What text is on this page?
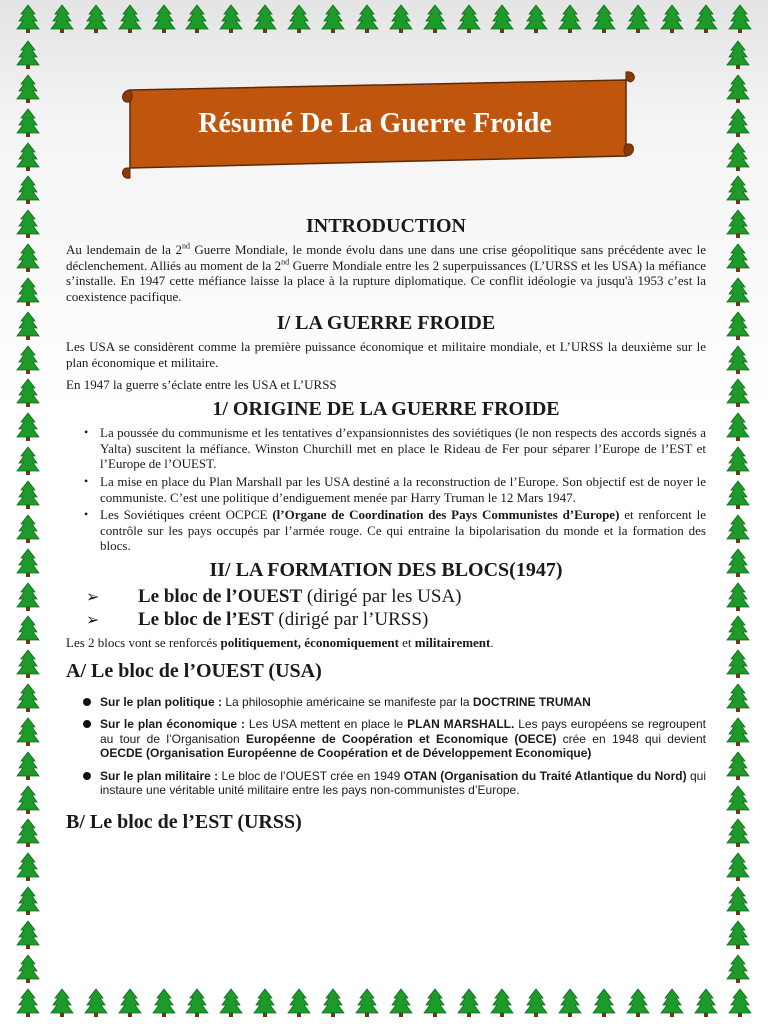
Résumé De La Guerre Froide
INTRODUCTION

Au lendemain de la 2nd Guerre Mondiale, le monde évolu dans une dans une crise géopolitique sans précédente avec le déclenchement. Alliés au moment de la 2nd Guerre Mondiale entre les 2 superpuissances (L’URSS et les USA) la méfiance s’installe. En 1947 cette méfiance laisse la place à la rupture diplomatique. Ce conflit idéologie va jusqu'à 1953 c’est la coexistence pacifique.

I/ LA GUERRE FROIDE

Les USA se considèrent comme la première puissance économique et militaire mondiale, et L’URSS la deuxième sur le plan économique et militaire.

En 1947 la guerre s’éclate entre les USA et L’URSS

1/ ORIGINE DE LA GUERRE FROIDE
• La poussée du communisme et les tentatives d’expansionnistes des soviétiques (le non respects des accords signés a Yalta) suscitent la méfiance. Winston Churchill met en place le Rideau de Fer pour séparer l’Europe de l’EST et l’Europe de l’OUEST.
• La mise en place du Plan Marshall par les USA destiné a la reconstruction de l’Europe. Son objectif est de noyer le communiste. C’est une politique d’endiguement menée par Harry Truman le 12 Mars 1947.
• Les Soviétiques créent OCPCE (l’Organe de Coordination des Pays Communistes d’Europe) et renforcent le contrôle sur les pays occupés par l’armée rouge. Ce qui entraine la bipolarisation du monde et la formation des blocs.
II/ LA FORMATION DES BLOCS(1947)
➢ Le bloc de l’OUEST (dirigé par les USA)
➢ Le bloc de l’EST (dirigé par l’URSS)

Les 2 blocs vont se renforcés politiquement, économiquement et militairement.

A/ Le bloc de l’OUEST (USA)
Sur le plan politique : La philosophie américaine se manifeste par la DOCTRINE TRUMAN
Sur le plan économique : Les USA mettent en place le PLAN MARSHALL. Les pays européens se regroupent au tour de l’Organisation Européenne de Coopération et Economique (OECE) crée en 1948 qui devient OECDE (Organisation Européenne de Coopération et de Développement Economique)
Sur le plan militaire : Le bloc de l’OUEST crée en 1949 OTAN (Organisation du Traité Atlantique du Nord) qui instaure une véritable unité militaire entre les pays non-communistes d’Europe.
B/ Le bloc de l’EST (URSS)
